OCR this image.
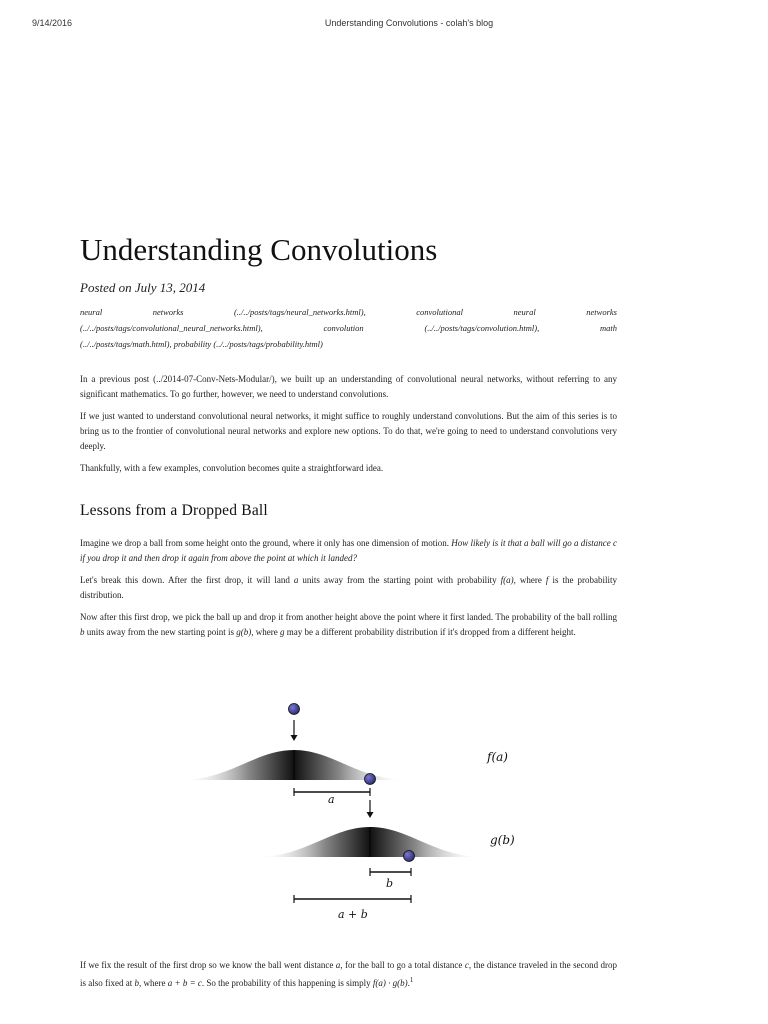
9/14/2016	Understanding Convolutions - colah's blog
Understanding Convolutions
Posted on July 13, 2014
neural	networks	(../../posts/tags/neural_networks.html),	convolutional	neural	networks
(../../posts/tags/convolutional_neural_networks.html),	convolution	(../../posts/tags/convolution.html),	math
(../../posts/tags/math.html), probability (../../posts/tags/probability.html)

In a previous post (../2014-07-Conv-Nets-Modular/), we built up an understanding of convolutional neural networks, without referring to any significant mathematics. To go further, however, we need to understand convolutions.

If we just wanted to understand convolutional neural networks, it might suffice to roughly understand convolutions. But the aim of this series is to bring us to the frontier of convolutional neural networks and explore new options. To do that, we're going to need to understand convolutions very deeply.

Thankfully, with a few examples, convolution becomes quite a straightforward idea.

Lessons from a Dropped Ball

Imagine we drop a ball from some height onto the ground, where it only has one dimension of motion. How likely is it that a ball will go a distance c if you drop it and then drop it again from above the point at which it landed?

Let's break this down. After the first drop, it will land a units away from the starting point with probability f(a), where f is the probability distribution.

Now after this first drop, we pick the ball up and drop it from another height above the point where it first landed. The probability of the ball rolling b units away from the new starting point is g(b), where g may be a different probability distribution if it's dropped from a different height.

f(a)
a
g(b)
b
a + b

If we fix the result of the first drop so we know the ball went distance a, for the ball to go a total distance c, the distance traveled in the second drop is also fixed at b, where a + b = c. So the probability of this happening is simply f(a) · g(b).$^1$
